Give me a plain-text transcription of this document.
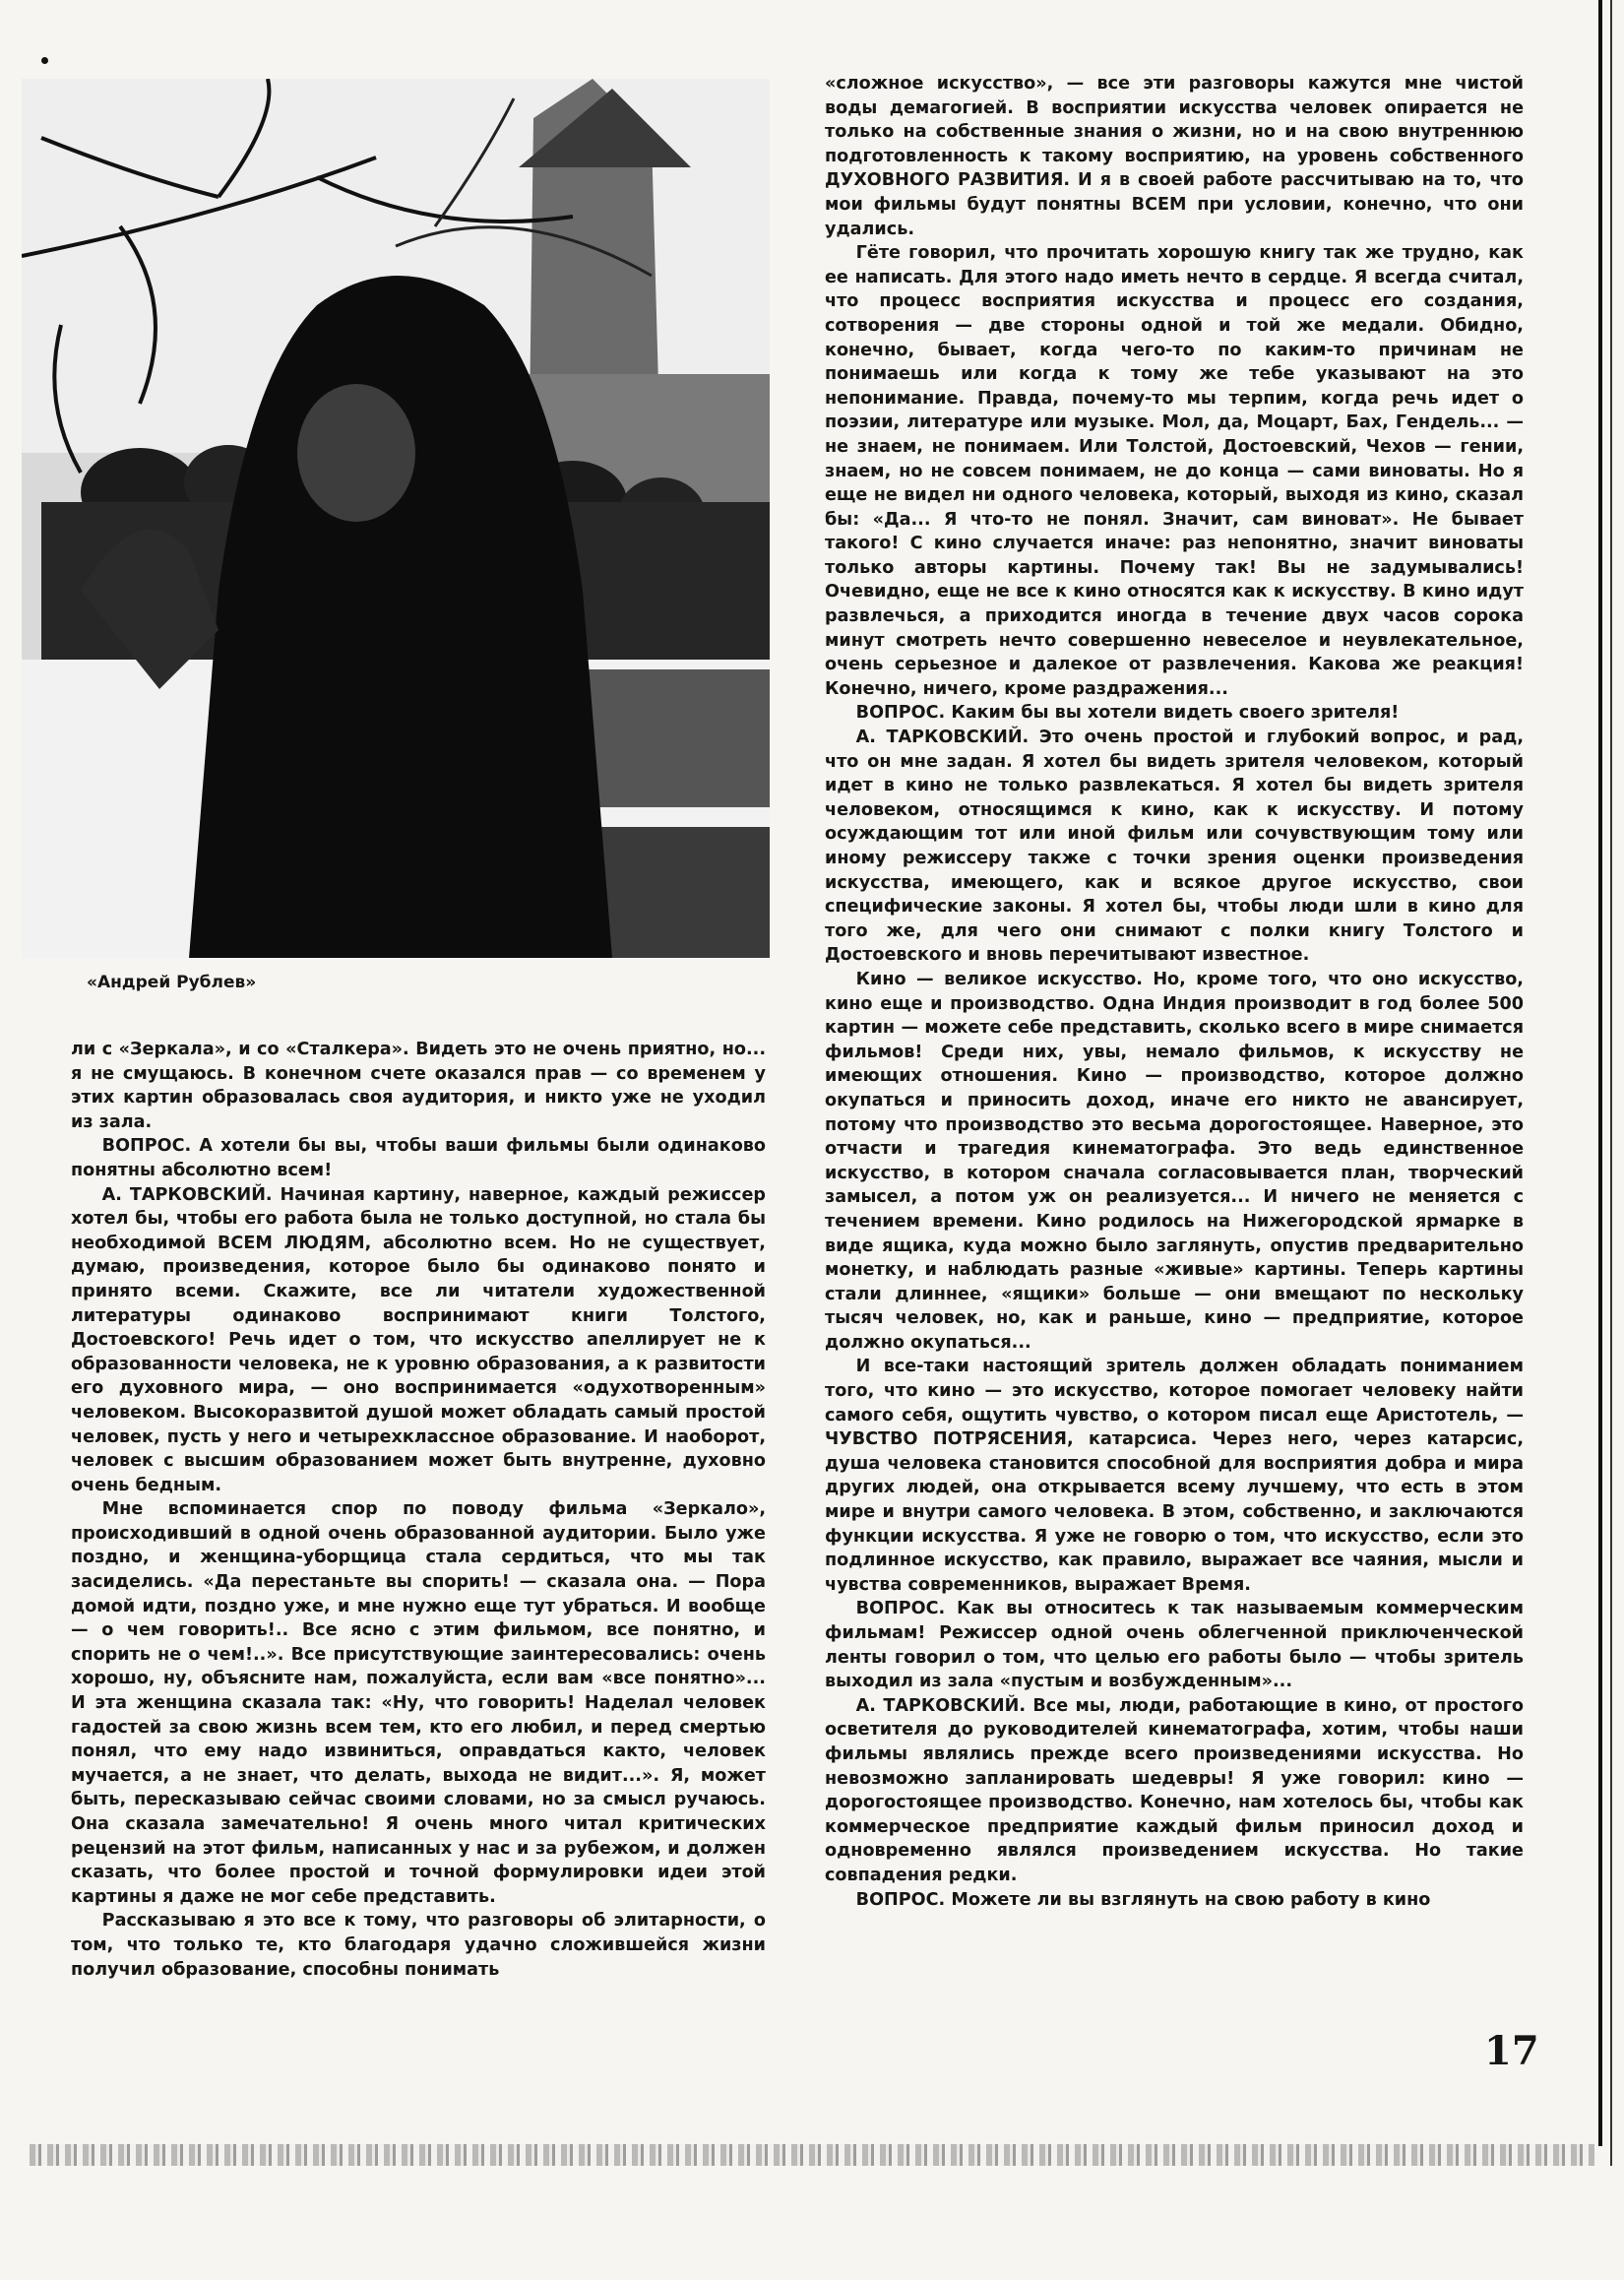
«Андрей Рублев»

ли с «Зеркала», и со «Сталкера». Видеть это не очень приятно, но... я не смущаюсь. В конечном счете оказался прав — со временем у этих картин образовалась своя аудитория, и никто уже не уходил из зала.

ВОПРОС. А хотели бы вы, чтобы ваши фильмы были одинаково понятны абсолютно всем!

А. ТАРКОВСКИЙ. Начиная картину, наверное, каждый режиссер хотел бы, чтобы его работа была не только доступной, но стала бы необходимой ВСЕМ ЛЮДЯМ, абсолютно всем. Но не существует, думаю, произведения, которое было бы одинаково понято и принято всеми. Скажите, все ли читатели художественной литературы одинаково воспринимают книги Толстого, Достоевского! Речь идет о том, что искусство апеллирует не к образованности человека, не к уровню образования, а к развитости его духовного мира, — оно воспринимается «одухотворенным» человеком. Высокоразвитой душой может обладать самый простой человек, пусть у него и четырехклассное образование. И наоборот, человек с высшим образованием может быть внутренне, духовно очень бедным.

Мне вспоминается спор по поводу фильма «Зеркало», происходивший в одной очень образованной аудитории. Было уже поздно, и женщина-уборщица стала сердиться, что мы так засиделись. «Да перестаньте вы спорить! — сказала она. — Пора домой идти, поздно уже, и мне нужно еще тут убраться. И вообще — о чем говорить!.. Все ясно с этим фильмом, все понятно, и спорить не о чем!..». Все присутствующие заинтересовались: очень хорошо, ну, объясните нам, пожалуйста, если вам «все понятно»... И эта женщина сказала так: «Ну, что говорить! Наделал человек гадостей за свою жизнь всем тем, кто его любил, и перед смертью понял, что ему надо извиниться, оправдаться както, человек мучается, а не знает, что делать, выхода не видит...». Я, может быть, пересказываю сейчас своими словами, но за смысл ручаюсь. Она сказала замечательно! Я очень много читал критических рецензий на этот фильм, написанных у нас и за рубежом, и должен сказать, что более простой и точной формулировки идеи этой картины я даже не мог себе представить.

Рассказываю я это все к тому, что разговоры об элитарности, о том, что только те, кто благодаря удачно сложившейся жизни получил образование, способны понимать

«сложное искусство», — все эти разговоры кажутся мне чистой воды демагогией. В восприятии искусства человек опирается не только на собственные знания о жизни, но и на свою внутреннюю подготовленность к такому восприятию, на уровень собственного ДУХОВНОГО РАЗВИТИЯ. И я в своей работе рассчитываю на то, что мои фильмы будут понятны ВСЕМ при условии, конечно, что они удались.

Гёте говорил, что прочитать хорошую книгу так же трудно, как ее написать. Для этого надо иметь нечто в сердце. Я всегда считал, что процесс восприятия искусства и процесс его создания, сотворения — две стороны одной и той же медали. Обидно, конечно, бывает, когда чего-то по каким-то причинам не понимаешь или когда к тому же тебе указывают на это непонимание. Правда, почему-то мы терпим, когда речь идет о поэзии, литературе или музыке. Мол, да, Моцарт, Бах, Гендель... — не знаем, не понимаем. Или Толстой, Достоевский, Чехов — гении, знаем, но не совсем понимаем, не до конца — сами виноваты. Но я еще не видел ни одного человека, который, выходя из кино, сказал бы: «Да... Я что-то не понял. Значит, сам виноват». Не бывает такого! С кино случается иначе: раз непонятно, значит виноваты только авторы картины. Почему так! Вы не задумывались! Очевидно, еще не все к кино относятся как к искусству. В кино идут развлечься, а приходится иногда в течение двух часов сорока минут смотреть нечто совершенно невеселое и неувлекательное, очень серьезное и далекое от развлечения. Какова же реакция! Конечно, ничего, кроме раздражения...

ВОПРОС. Каким бы вы хотели видеть своего зрителя!

А. ТАРКОВСКИЙ. Это очень простой и глубокий вопрос, и рад, что он мне задан. Я хотел бы видеть зрителя человеком, который идет в кино не только развлекаться. Я хотел бы видеть зрителя человеком, относящимся к кино, как к искусству. И потому осуждающим тот или иной фильм или сочувствующим тому или иному режиссеру также с точки зрения оценки произведения искусства, имеющего, как и всякое другое искусство, свои специфические законы. Я хотел бы, чтобы люди шли в кино для того же, для чего они снимают с полки книгу Толстого и Достоевского и вновь перечитывают известное.

Кино — великое искусство. Но, кроме того, что оно искусство, кино еще и производство. Одна Индия производит в год более 500 картин — можете себе представить, сколько всего в мире снимается фильмов! Среди них, увы, немало фильмов, к искусству не имеющих отношения. Кино — производство, которое должно окупаться и приносить доход, иначе его никто не авансирует, потому что производство это весьма дорогостоящее. Наверное, это отчасти и трагедия кинематографа. Это ведь единственное искусство, в котором сначала согласовывается план, творческий замысел, а потом уж он реализуется... И ничего не меняется с течением времени. Кино родилось на Нижегородской ярмарке в виде ящика, куда можно было заглянуть, опустив предварительно монетку, и наблюдать разные «живые» картины. Теперь картины стали длиннее, «ящики» больше — они вмещают по нескольку тысяч человек, но, как и раньше, кино — предприятие, которое должно окупаться...

И все-таки настоящий зритель должен обладать пониманием того, что кино — это искусство, которое помогает человеку найти самого себя, ощутить чувство, о котором писал еще Аристотель, — ЧУВСТВО ПОТРЯСЕНИЯ, катарсиса. Через него, через катарсис, душа человека становится способной для восприятия добра и мира других людей, она открывается всему лучшему, что есть в этом мире и внутри самого человека. В этом, собственно, и заключаются функции искусства. Я уже не говорю о том, что искусство, если это подлинное искусство, как правило, выражает все чаяния, мысли и чувства современников, выражает Время.

ВОПРОС. Как вы относитесь к так называемым коммерческим фильмам! Режиссер одной очень облегченной приключенческой ленты говорил о том, что целью его работы было — чтобы зритель выходил из зала «пустым и возбужденным»...

А. ТАРКОВСКИЙ. Все мы, люди, работающие в кино, от простого осветителя до руководителей кинематографа, хотим, чтобы наши фильмы являлись прежде всего произведениями искусства. Но невозможно запланировать шедевры! Я уже говорил: кино — дорогостоящее производство. Конечно, нам хотелось бы, чтобы как коммерческое предприятие каждый фильм приносил доход и одновременно являлся произведением искусства. Но такие совпадения редки.

ВОПРОС. Можете ли вы взглянуть на свою работу в кино

17
